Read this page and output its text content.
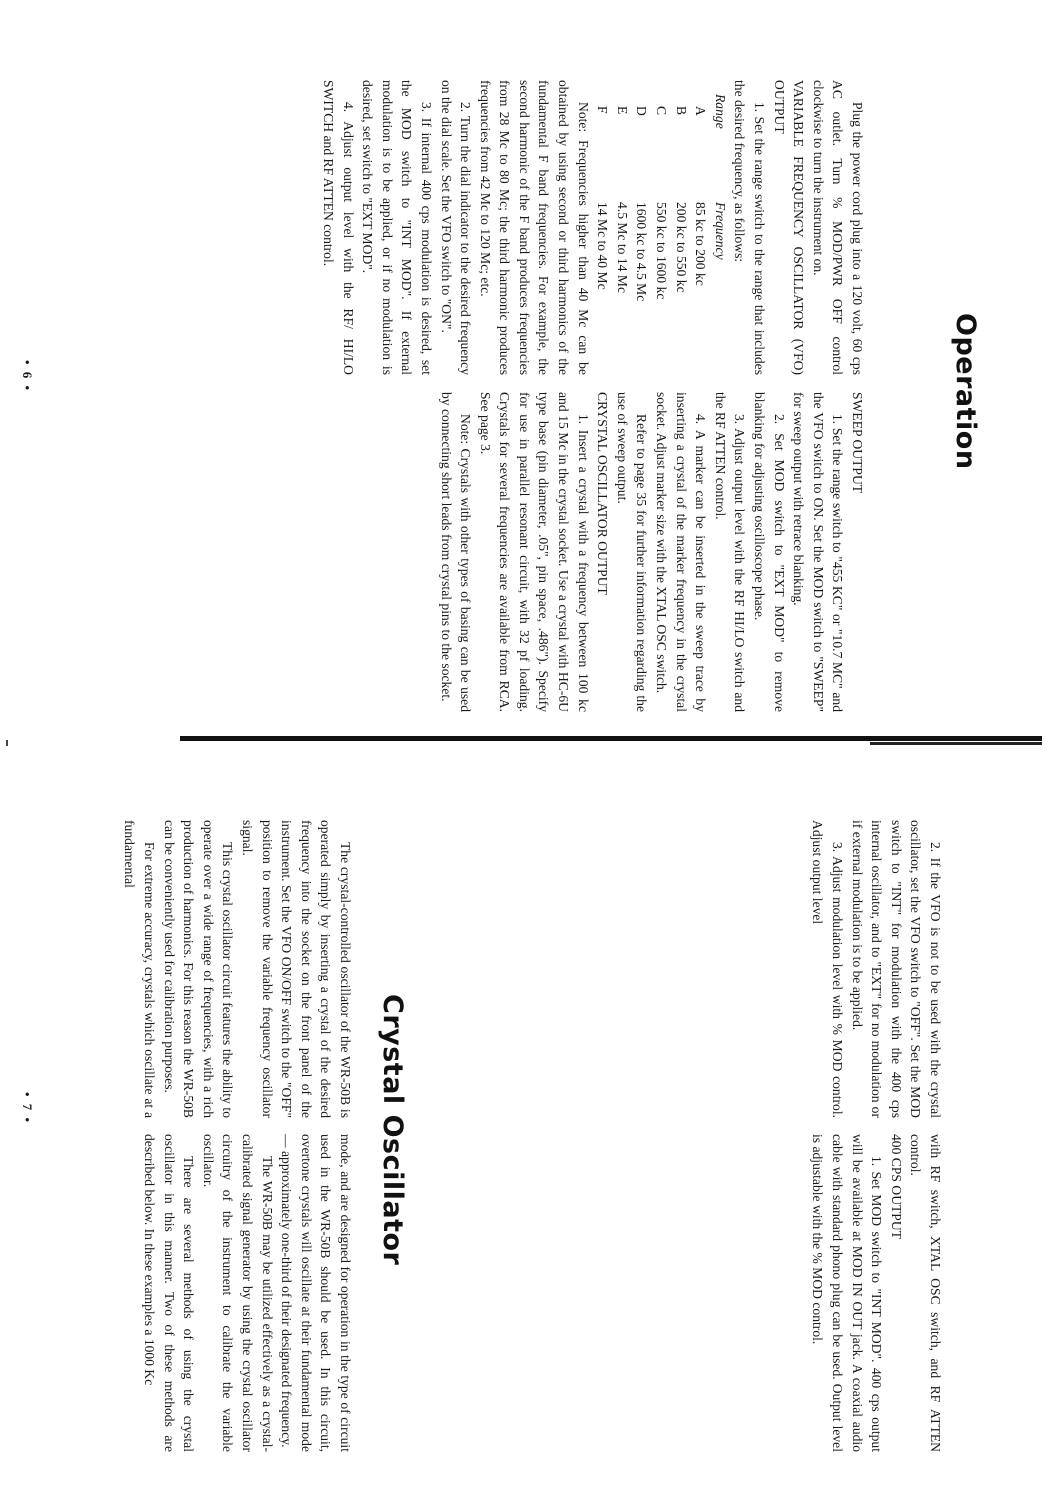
Operation

Plug the power cord plug into a 120 volt, 60 cps AC outlet. Turn % MOD/PWR OFF control clockwise to turn the instrument on.

VARIABLE FREQUENCY OSCILLATOR (VFO) OUTPUT

1. Set the range switch to the range that includes the desired frequency, as follows:

Range
Frequency
A
85 kc to 200 kc
B
200 kc to 550 kc
C
550 kc to 1600 kc
D
1600 kc to 4.5 Mc
E
4.5 Mc to 14 Mc
F
14 Mc to 40 Mc

Note: Frequencies higher than 40 Mc can be obtained by using second or third harmonics of the fundamental F band frequencies. For example, the second harmonic of the F band produces frequencies from 28 Mc to 80 Mc; the third harmonic produces frequencies from 42 Mc to 120 Mc; etc.

2. Turn the dial indicator to the desired frequency on the dial scale. Set the VFO switch to "ON".

3. If internal 400 cps modulation is desired, set the MOD switch to "INT MOD". If external modulation is to be applied, or if no modulation is desired, set switch to "EXT MOD".

4. Adjust output level with the RF/ HI/LO SWITCH and RF ATTEN control.

SWEEP OUTPUT

1. Set the range switch to "455 KC" or "10.7 MC" and the VFO switch to ON. Set the MOD switch to "SWEEP" for sweep output with retrace blanking.

2. Set MOD switch to "EXT MOD" to remove blanking for adjusting oscilloscope phase.

3. Adjust output level with the RF HI/LO switch and the RF ATTEN control.

4. A marker can be inserted in the sweep trace by inserting a crystal of the marker frequency in the crystal socket. Adjust marker size with the XTAL OSC switch.

Refer to page 35 for further information regarding the use of sweep output.

CRYSTAL OSCILLATOR OUTPUT

1. Insert a crystal with a frequency between 100 kc and 15 Mc in the crystal socket. Use a crystal with HC-6U type base (pin diameter, .05", pin space, .486"). Specify for use in parallel resonant circuit, with 32 pf loading. Crystals for several frequencies are available from RCA. See page 3.

Note: Crystals with other types of basing can be used by connecting short leads from crystal pins to the socket.

• 6 •
Crystal Oscillator

2. If the VFO is not to be used with the crystal oscillator, set the VFO switch to "OFF". Set the MOD switch to "INT" for modulation with the 400 cps internal oscillator, and to "EXT" for no modulation or if external modulation is to be applied.

3. Adjust modulation level with % MOD control. Adjust output level

with RF switch, XTAL OSC switch, and RF ATTEN control.

400 CPS OUTPUT

1. Set MOD switch to "INT MOD". 400 cps output will be available at MOD IN OUT jack. A coaxial audio cable with standard phono plug can be used. Output level is adjustable with the % MOD control.

The crystal-controlled oscillator of the WR-50B is operated simply by inserting a crystal of the desired frequency into the socket on the front panel of the instrument. Set the VFO ON/OFF switch to the "OFF" position to remove the variable frequency oscillator signal.

This crystal oscillator circuit features the ability to operate over a wide range of frequencies, with a rich production of harmonics. For this reason the WR-50B can be conveniently used for calibration purposes.

For extreme accuracy, crystals which oscillate at a fundamental

mode, and are designed for operation in the type of circuit used in the WR-50B should be used. In this circuit, overtone crystals will oscillate at their fundamental mode — approximately one-third of their designated frequency.

The WR-50B may be utilized effectively as a crystal-calibrated signal generator by using the crystal oscillator circuitry of the instrument to calibrate the variable oscillator.

There are several methods of using the crystal oscillator in this manner. Two of these methods are described below. In these examples a 1000 Kc

• 7 •
